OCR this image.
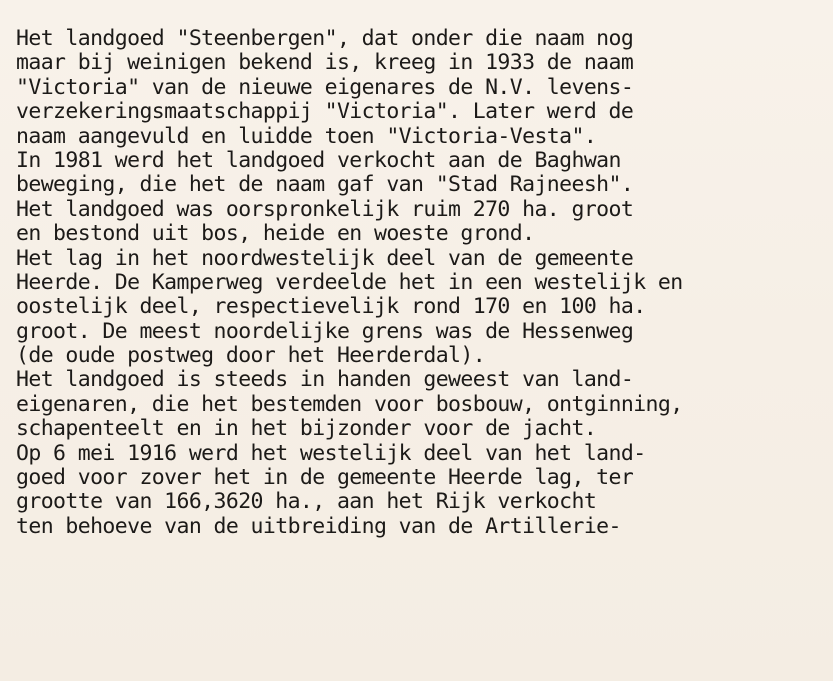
Het landgoed "Steenbergen", dat onder die naam nog
maar bij weinigen bekend is, kreeg in 1933 de naam
"Victoria" van de nieuwe eigenares de N.V. levens-
verzekeringsmaatschappij "Victoria". Later werd de
naam aangevuld en luidde toen "Victoria-Vesta".
In 1981 werd het landgoed verkocht aan de Baghwan
beweging, die het de naam gaf van "Stad Rajneesh".
Het landgoed was oorspronkelijk ruim 270 ha. groot
en bestond uit bos, heide en woeste grond.
Het lag in het noordwestelijk deel van de gemeente
Heerde. De Kamperweg verdeelde het in een westelijk en
oostelijk deel, respectievelijk rond 170 en 100 ha.
groot. De meest noordelijke grens was de Hessenweg
(de oude postweg door het Heerderdal).
Het landgoed is steeds in handen geweest van land-
eigenaren, die het bestemden voor bosbouw, ontginning,
schapenteelt en in het bijzonder voor de jacht.
Op 6 mei 1916 werd het westelijk deel van het land-
goed voor zover het in de gemeente Heerde lag, ter
grootte van 166,3620 ha., aan het Rijk verkocht
ten behoeve van de uitbreiding van de Artillerie-
